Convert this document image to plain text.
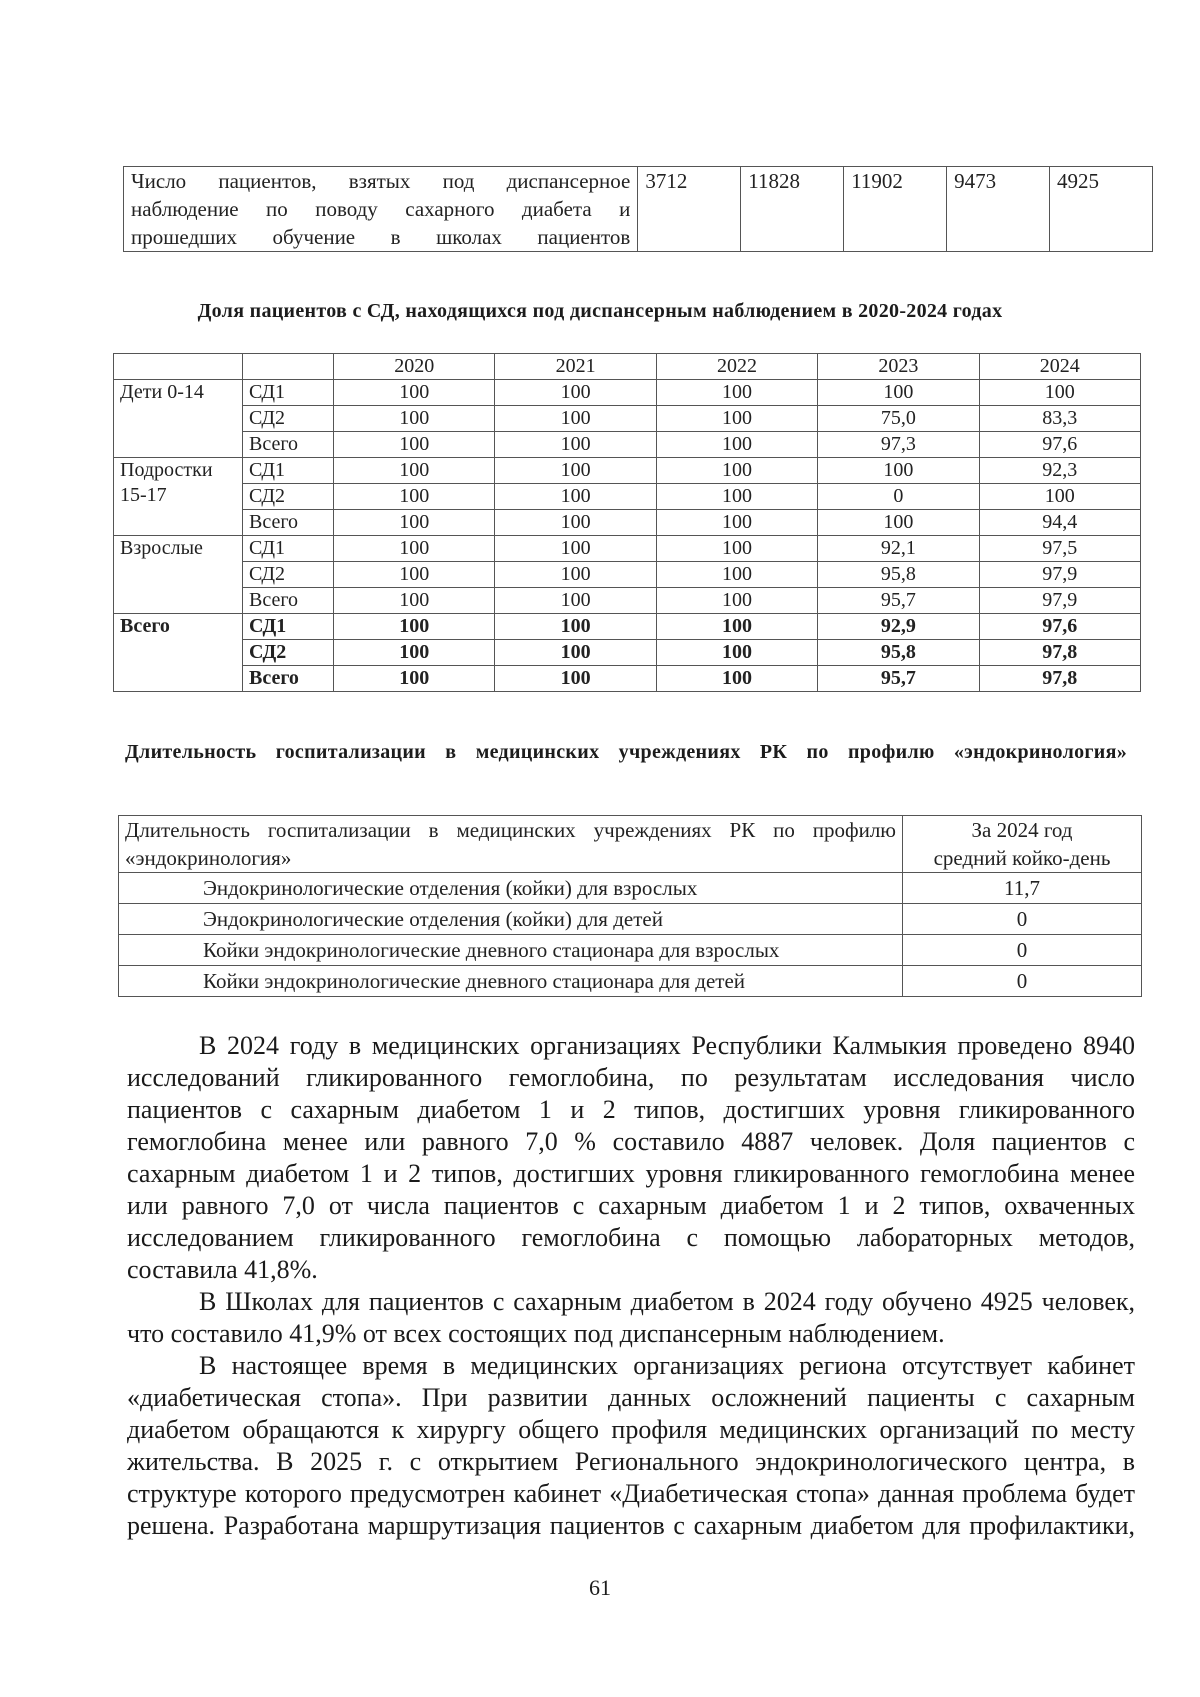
Число пациентов, взятых под диспансерное наблюдение по поводу сахарного диабета и прошедших обучение в школах пациентов	3712	11828	11902	9473	4925
Доля пациентов с СД, находящихся под диспансерным наблюдением в 2020-2024 годах
		2020	2021	2022	2023	2024
Дети 0-14	СД1	100	100	100	100	100
	СД2	100	100	100	75,0	83,3
	Всего	100	100	100	97,3	97,6
Подростки 15-17	СД1	100	100	100	100	92,3
	СД2	100	100	100	0	100
	Всего	100	100	100	100	94,4
Взрослые	СД1	100	100	100	92,1	97,5
	СД2	100	100	100	95,8	97,9
	Всего	100	100	100	95,7	97,9
Всего	СД1	100	100	100	92,9	97,6
	СД2	100	100	100	95,8	97,8
	Всего	100	100	100	95,7	97,8
Длительность госпитализации в медицинских учреждениях РК по профилю «эндокринология»
Длительность госпитализации в медицинских учреждениях РК по профилю «эндокринология»	За 2024 год
средний койко-день

Эндокринологические отделения (койки) для взрослых	11,7
Эндокринологические отделения (койки) для детей	0
Койки эндокринологические дневного стационара для взрослых	0
Койки эндокринологические дневного стационара для детей	0

В 2024 году в медицинских организациях Республики Калмыкия проведено 8940 исследований гликированного гемоглобина, по результатам исследования число пациентов с сахарным диабетом 1 и 2 типов, достигших уровня гликированного гемоглобина менее или равного 7,0 % составило 4887 человек. Доля пациентов с сахарным диабетом 1 и 2 типов, достигших уровня гликированного гемоглобина менее или равного 7,0 от числа пациентов с сахарным диабетом 1 и 2 типов, охваченных исследованием гликированного гемоглобина с помощью лабораторных методов, составила 41,8%.

В Школах для пациентов с сахарным диабетом в 2024 году обучено 4925 человек, что составило 41,9% от всех состоящих под диспансерным наблюдением.

В настоящее время в медицинских организациях региона отсутствует кабинет «диабетическая стопа». При развитии данных осложнений пациенты с сахарным диабетом обращаются к хирургу общего профиля медицинских организаций по месту жительства. В 2025 г. с открытием Регионального эндокринологического центра, в структуре которого предусмотрен кабинет «Диабетическая стопа» данная проблема будет решена. Разработана маршрутизация пациентов с сахарным диабетом для профилактики,

61
